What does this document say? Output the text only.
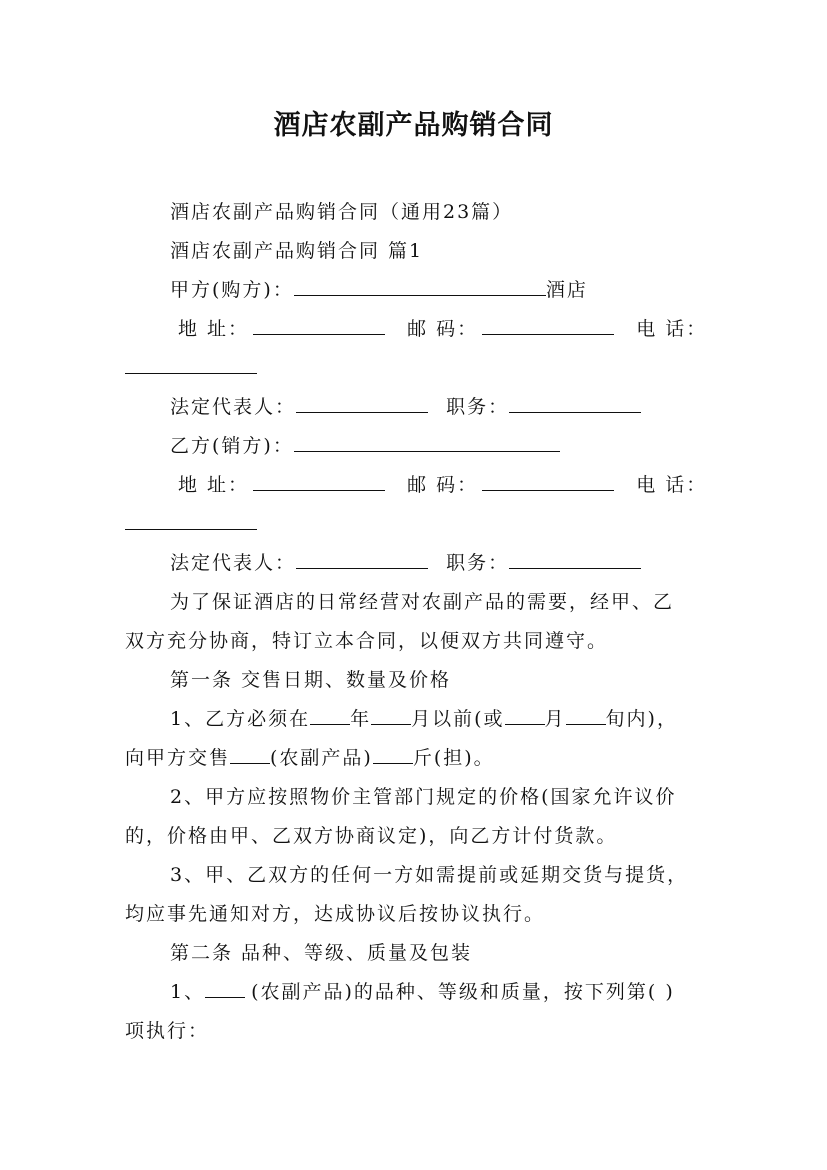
酒店农副产品购销合同
酒店农副产品购销合同（通用23篇）
酒店农副产品购销合同 篇1
甲方(购方)：	酒店
地 址：	邮 码：	电 话：
法定代表人：	职务：
乙方(销方)：
地 址：	邮 码：	电 话：
法定代表人：	职务：
为了保证酒店的日常经营对农副产品的需要，经甲、乙
双方充分协商，特订立本合同，以便双方共同遵守。
第一条 交售日期、数量及价格
1、乙方必须在 年 月以前(或 月 旬内)，
向甲方交售 (农副产品) 斤(担)。
2、甲方应按照物价主管部门规定的价格(国家允许议价
的，价格由甲、乙双方协商议定)，向乙方计付货款。
3、甲、乙双方的任何一方如需提前或延期交货与提货，
均应事先通知对方，达成协议后按协议执行。
第二条 品种、等级、质量及包装
1、 (农副产品)的品种、等级和质量，按下列第( )
项执行：
